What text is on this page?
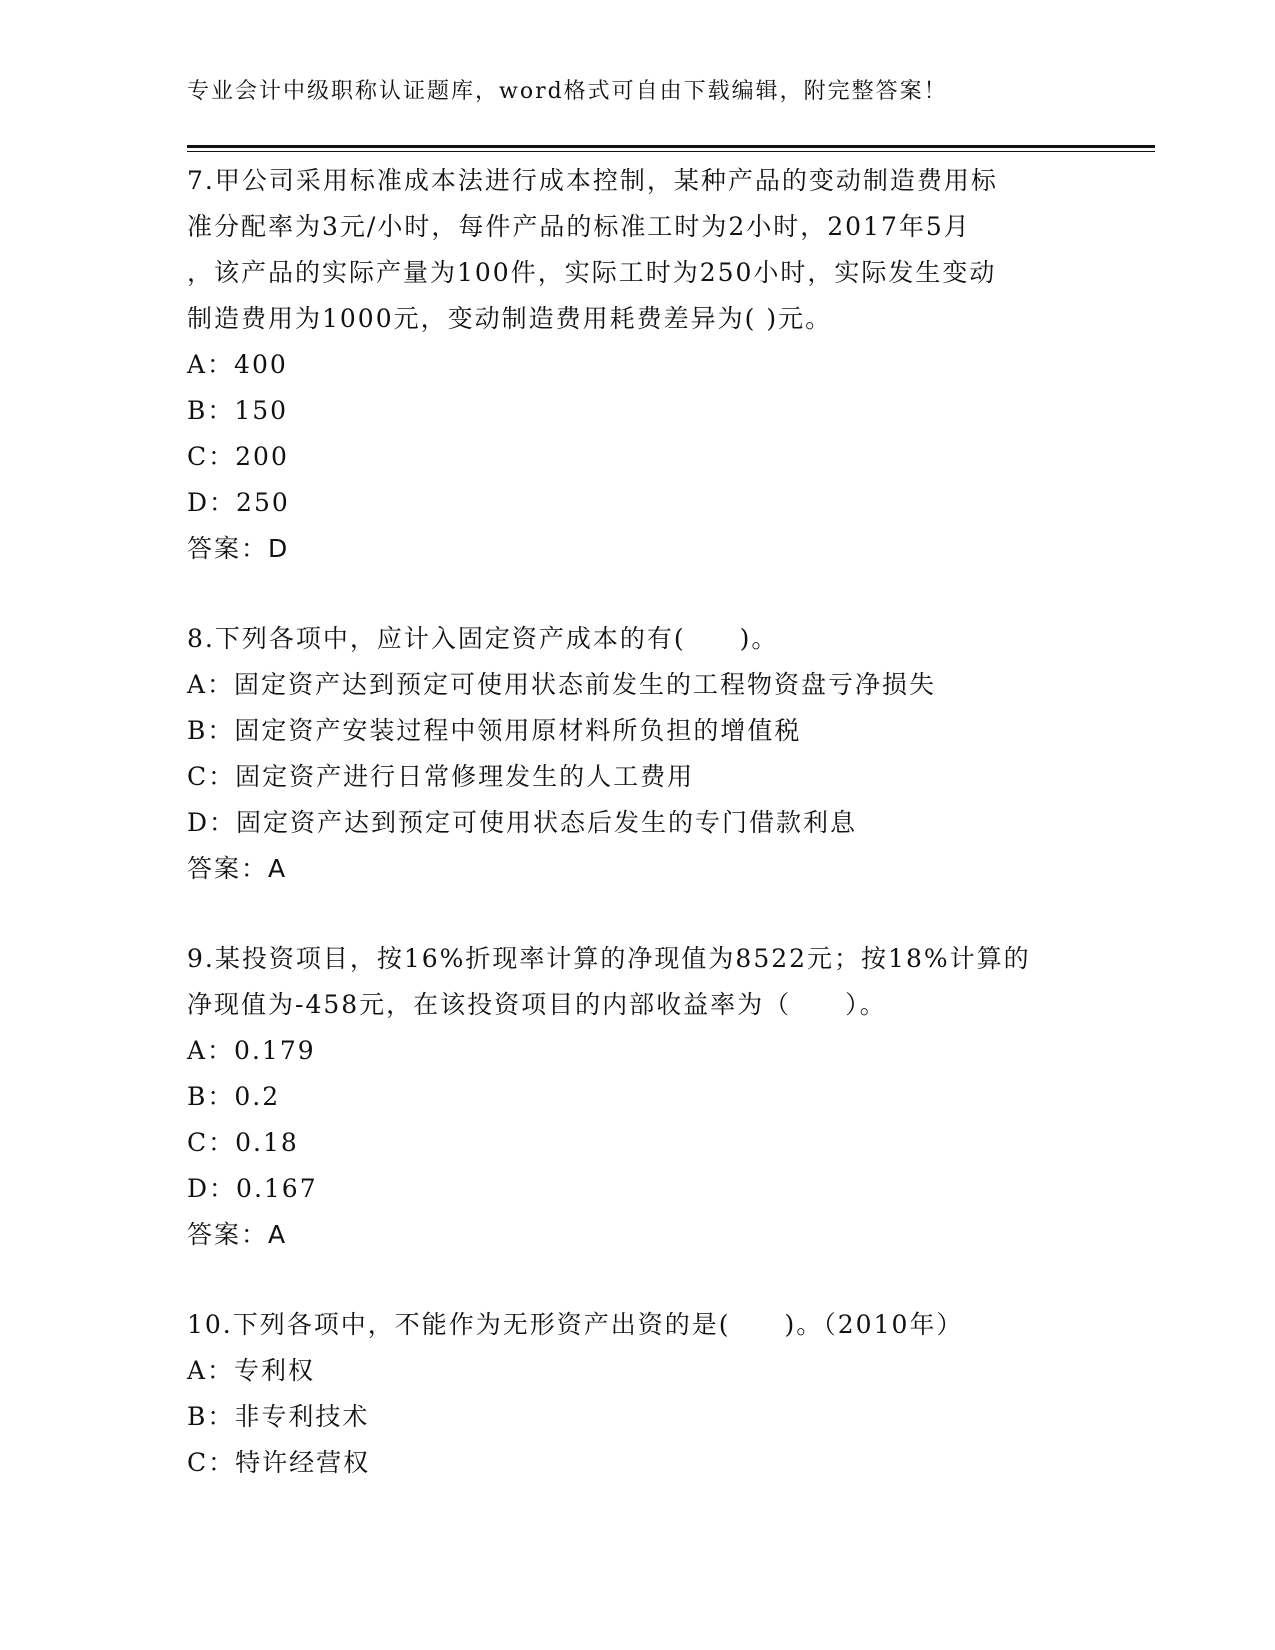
专业会计中级职称认证题库，word格式可自由下载编辑，附完整答案！
7.甲公司采用标准成本法进行成本控制，某种产品的变动制造费用标
准分配率为3元/小时，每件产品的标准工时为2小时，2017年5月
，该产品的实际产量为100件，实际工时为250小时，实际发生变动
制造费用为1000元，变动制造费用耗费差异为( )元。
A：400
B：150
C：200
D：250
答案：D
8.下列各项中，应计入固定资产成本的有(　　)。
A：固定资产达到预定可使用状态前发生的工程物资盘亏净损失
B：固定资产安装过程中领用原材料所负担的增值税
C：固定资产进行日常修理发生的人工费用
D：固定资产达到预定可使用状态后发生的专门借款利息
答案：A
9.某投资项目，按16%折现率计算的净现值为8522元；按18%计算的
净现值为-458元，在该投资项目的内部收益率为（　　）。
A：0.179
B：0.2
C：0.18
D：0.167
答案：A
10.下列各项中，不能作为无形资产出资的是(　　)。（2010年）
A：专利权
B：非专利技术
C：特许经营权
